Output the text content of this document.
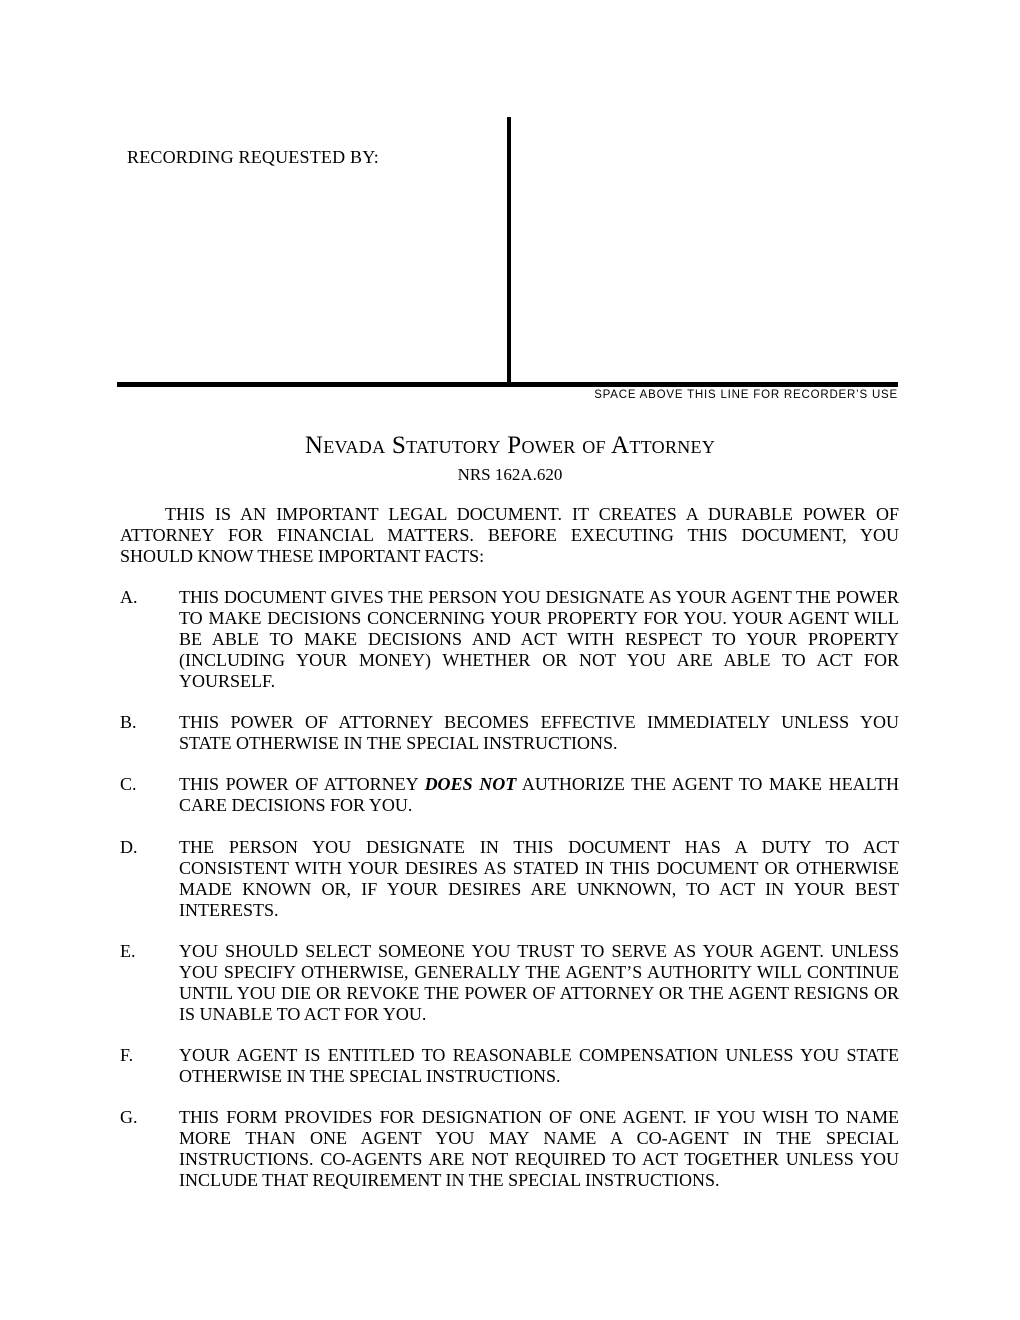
RECORDING REQUESTED BY:
SPACE ABOVE THIS LINE FOR RECORDER’S USE
Nevada Statutory Power of Attorney
NRS 162A.620
THIS IS AN IMPORTANT LEGAL DOCUMENT. IT CREATES A DURABLE POWER OF ATTORNEY FOR FINANCIAL MATTERS. BEFORE EXECUTING THIS DOCUMENT, YOU SHOULD KNOW THESE IMPORTANT FACTS:
A. THIS DOCUMENT GIVES THE PERSON YOU DESIGNATE AS YOUR AGENT THE POWER TO MAKE DECISIONS CONCERNING YOUR PROPERTY FOR YOU. YOUR AGENT WILL BE ABLE TO MAKE DECISIONS AND ACT WITH RESPECT TO YOUR PROPERTY (INCLUDING YOUR MONEY) WHETHER OR NOT YOU ARE ABLE TO ACT FOR YOURSELF.
B. THIS POWER OF ATTORNEY BECOMES EFFECTIVE IMMEDIATELY UNLESS YOU STATE OTHERWISE IN THE SPECIAL INSTRUCTIONS.
C. THIS POWER OF ATTORNEY DOES NOT AUTHORIZE THE AGENT TO MAKE HEALTH CARE DECISIONS FOR YOU.
D. THE PERSON YOU DESIGNATE IN THIS DOCUMENT HAS A DUTY TO ACT CONSISTENT WITH YOUR DESIRES AS STATED IN THIS DOCUMENT OR OTHERWISE MADE KNOWN OR, IF YOUR DESIRES ARE UNKNOWN, TO ACT IN YOUR BEST INTERESTS.
E. YOU SHOULD SELECT SOMEONE YOU TRUST TO SERVE AS YOUR AGENT. UNLESS YOU SPECIFY OTHERWISE, GENERALLY THE AGENT’S AUTHORITY WILL CONTINUE UNTIL YOU DIE OR REVOKE THE POWER OF ATTORNEY OR THE AGENT RESIGNS OR IS UNABLE TO ACT FOR YOU.
F.	YOUR AGENT IS ENTITLED TO REASONABLE COMPENSATION UNLESS YOU STATE OTHERWISE IN THE SPECIAL INSTRUCTIONS.
G. THIS FORM PROVIDES FOR DESIGNATION OF ONE AGENT. IF YOU WISH TO NAME MORE THAN ONE AGENT YOU MAY NAME A CO-AGENT IN THE SPECIAL INSTRUCTIONS. CO-AGENTS ARE NOT REQUIRED TO ACT TOGETHER UNLESS YOU INCLUDE THAT REQUIREMENT IN THE SPECIAL INSTRUCTIONS.
